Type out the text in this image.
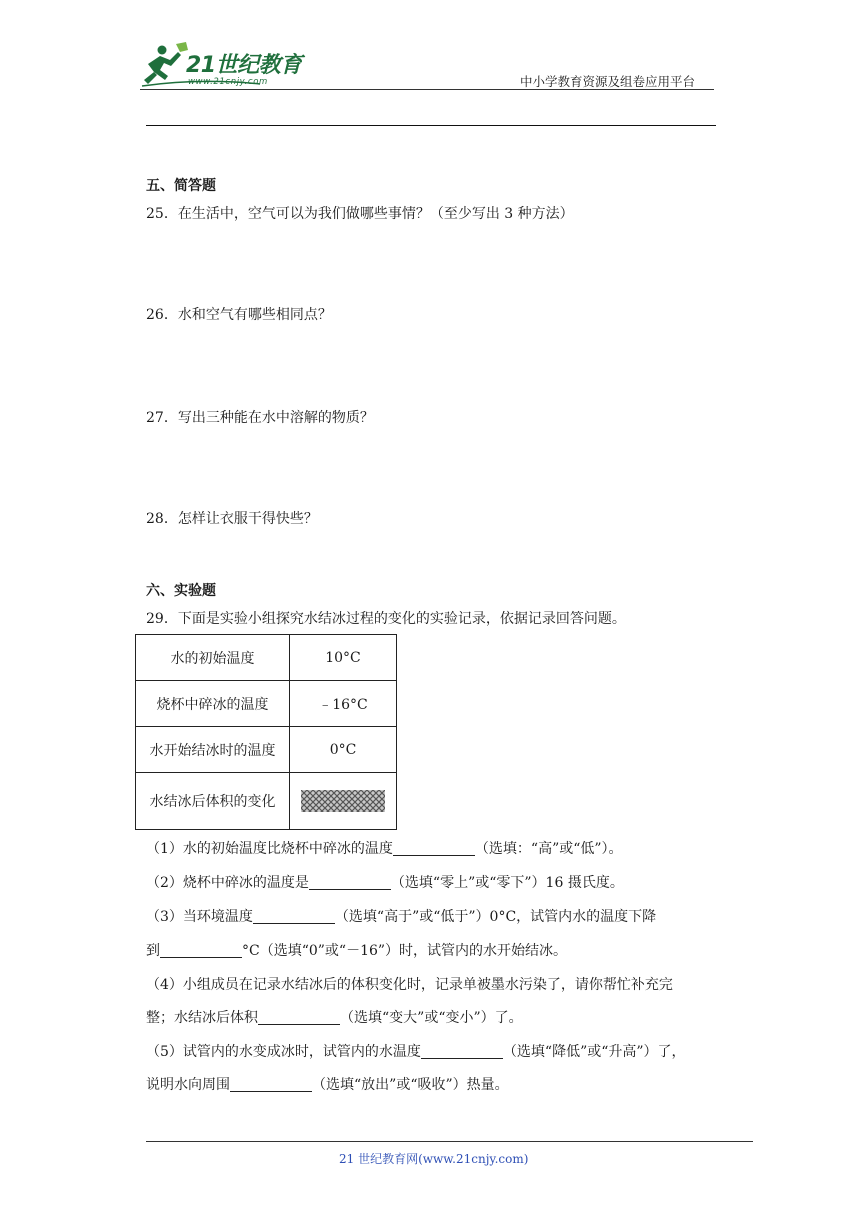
21世纪教育
www.21cnjy.com	中小学教育资源及组卷应用平台
五、简答题
25．在生活中，空气可以为我们做哪些事情？（至少写出 3 种方法）
26．水和空气有哪些相同点？
27．写出三种能在水中溶解的物质？
28．怎样让衣服干得快些？
六、实验题
29．下面是实验小组探究水结冰过程的变化的实验记录，依据记录回答问题。
水的初始温度	10°C
烧杯中碎冰的温度	﹣16°C
水开始结冰时的温度	0°C
水结冰后体积的变化	
（1）水的初始温度比烧杯中碎冰的温度	（选填：“高”或“低”）。
（2）烧杯中碎冰的温度是	（选填“零上”或“零下”）16 摄氏度。
（3）当环境温度	（选填“高于”或“低于”）0°C，试管内水的温度下降
到	°C（选填“0”或“－16”）时，试管内的水开始结冰。
（4）小组成员在记录水结冰后的体积变化时，记录单被墨水污染了，请你帮忙补充完
整；水结冰后体积	（选填“变大”或“变小”）了。
（5）试管内的水变成冰时，试管内的水温度	（选填“降低”或“升高”）了，
说明水向周围	（选填“放出”或“吸收”）热量。
21 世纪教育网(www.21cnjy.com)
